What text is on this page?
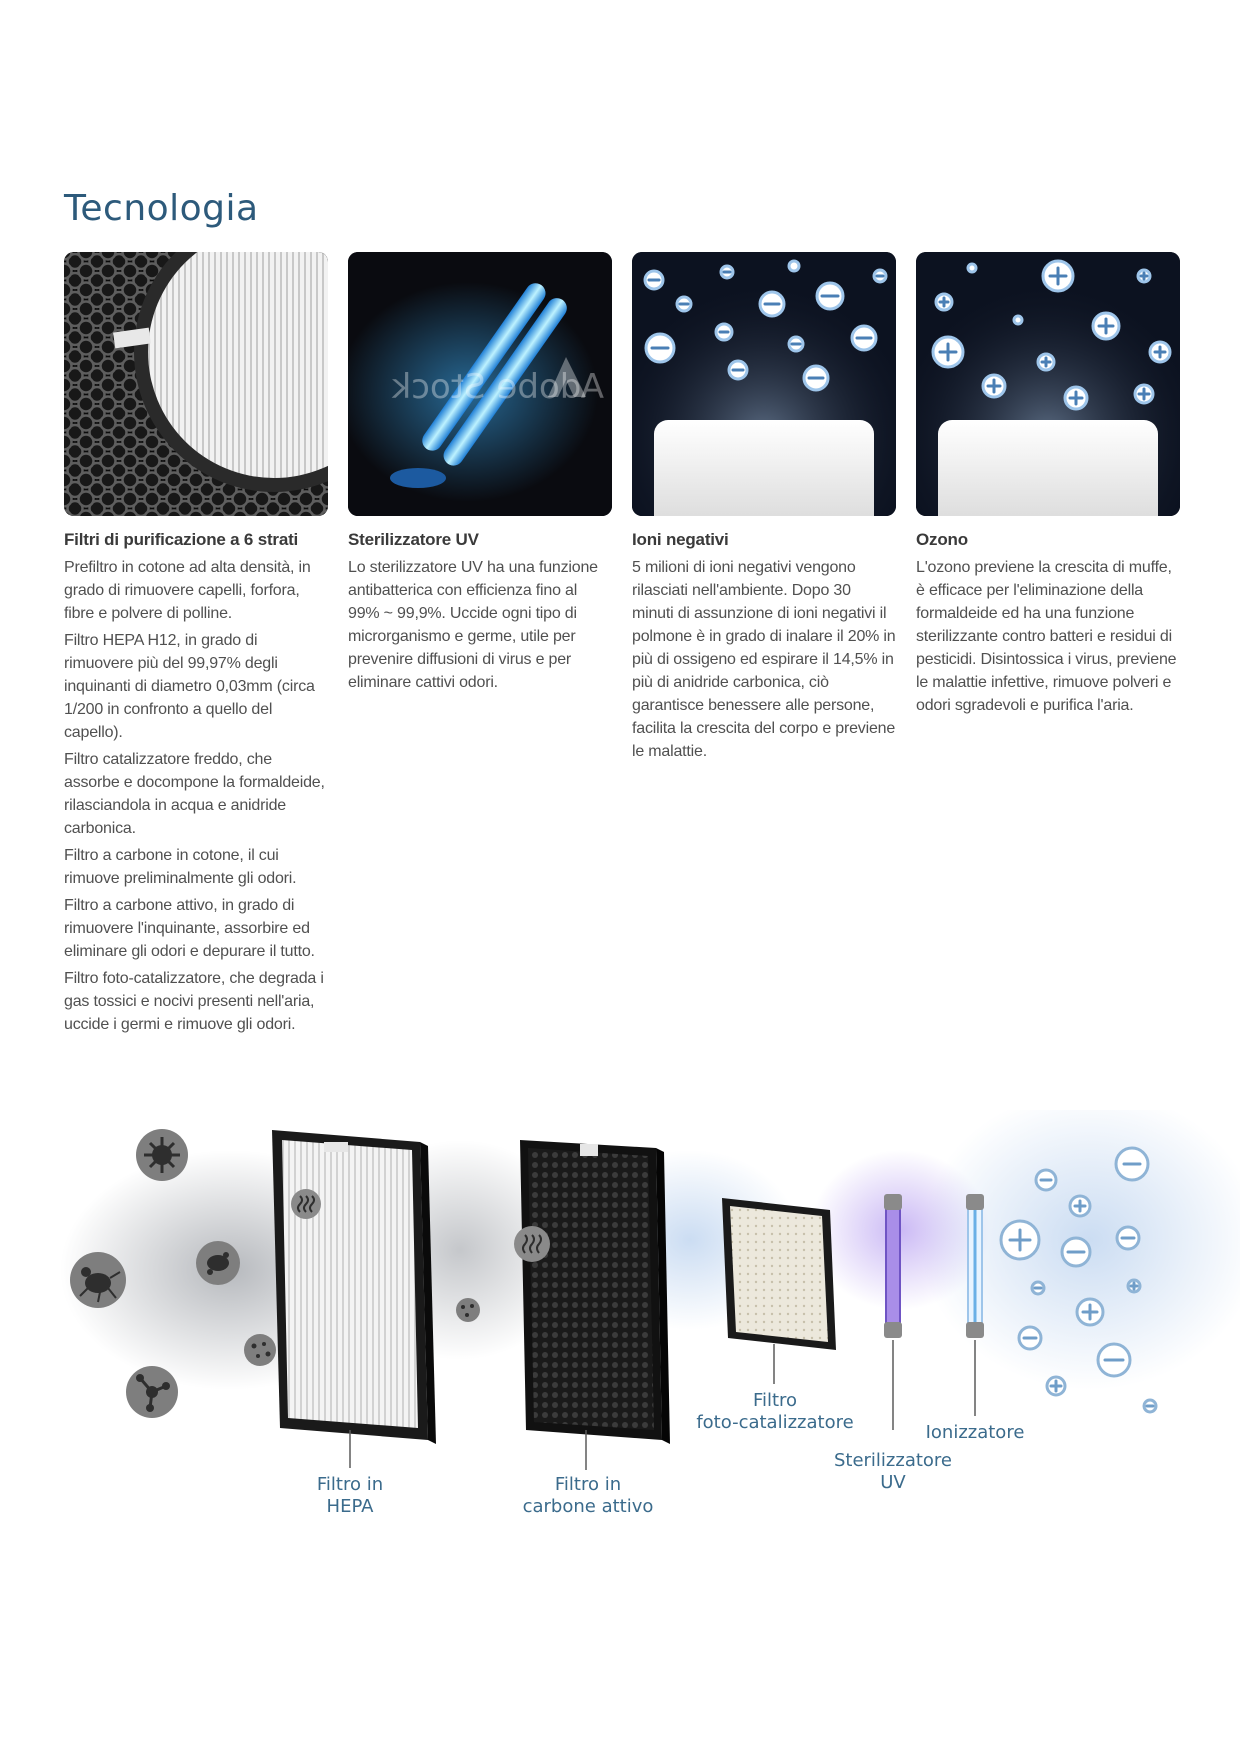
Tecnologia
Filtri di purificazione a 6 strati

Prefiltro in cotone ad alta densità, in grado di rimuovere capelli, forfora, fibre e polvere di polline.

Filtro HEPA H12, in grado di rimuovere più del 99,97% degli inquinanti di diametro 0,03mm (circa 1/200 in confronto a quello del capello).

Filtro catalizzatore freddo, che assorbe e docompone la formaldeide, rilasciandola in acqua e anidride carbonica.

Filtro a carbone in cotone, il cui rimuove preliminalmente gli odori.

Filtro a carbone attivo, in grado di rimuovere l'inquinante, assorbire ed eliminare gli odori e depurare il tutto.

Filtro foto-catalizzatore, che degrada i gas tossici e nocivi presenti nell'aria, uccide i germi e rimuove gli odori.

Adobe Stock
Sterilizzatore UV

Lo sterilizzatore UV ha una funzione antibatterica con efficienza fino al 99% ~ 99,9%. Uccide ogni tipo di microrganismo e germe, utile per prevenire diffusioni di virus e per eliminare cattivi odori.

Ioni negativi

5 milioni di ioni negativi vengono rilasciati nell'ambiente. Dopo 30 minuti di assunzione di ioni negativi il polmone è in grado di inalare il 20% in più di ossigeno ed espirare il 14,5% in più di anidride carbonica, ciò garantisce benessere alle persone, facilita la crescita del corpo e previene le malattie.

Ozono

L'ozono previene la crescita di muffe, è efficace per l'eliminazione della formaldeide ed ha una funzione sterilizzante contro batteri e residui di pesticidi. Disintossica i virus, previene le malattie infettive, rimuove polveri e odori sgradevoli e purifica l'aria.

Filtro in
HEPA
Filtro in
carbone attivo
Filtro
foto-catalizzatore
Sterilizzatore
UV
Ionizzatore
